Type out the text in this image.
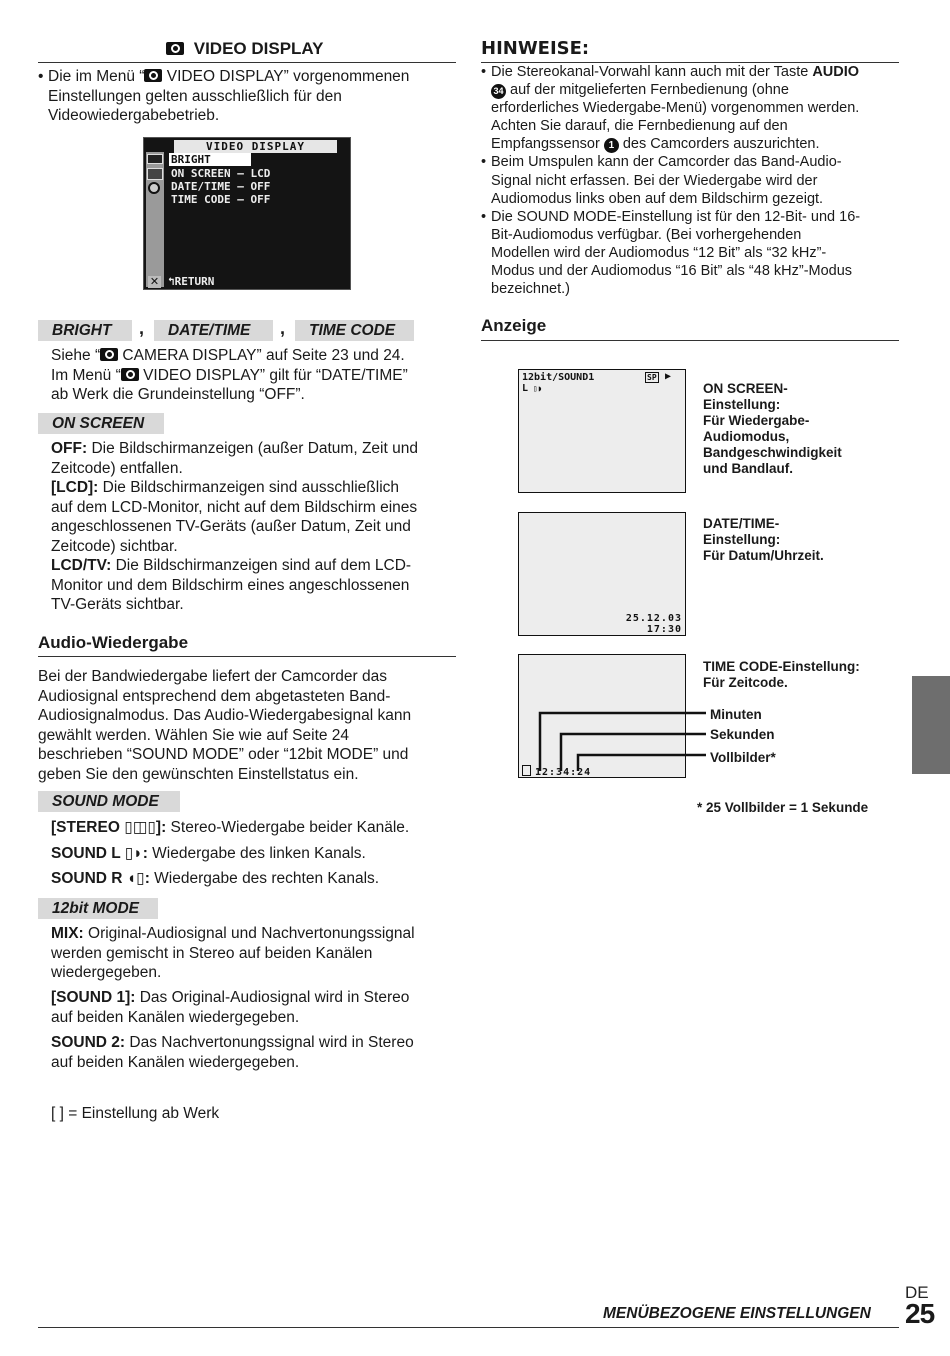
VIDEO DISPLAY
• Die im Menü “ VIDEO DISPLAY” vorgenommenen
Einstellungen gelten ausschließlich für den
Videowiedergabebetrieb.
✕
VIDEO DISPLAY
BRIGHT
ON SCREEN – LCD
DATE/TIME – OFF
TIME CODE – OFF
↰RETURN
BRIGHT	,	DATE/TIME	,	TIME CODE
Siehe “ CAMERA DISPLAY” auf Seite 23 und 24.
Im Menü “ VIDEO DISPLAY” gilt für “DATE/TIME”
ab Werk die Grundeinstellung “OFF”.
ON SCREEN
OFF: Die Bildschirmanzeigen (außer Datum, Zeit und
Zeitcode) entfallen.
[LCD]: Die Bildschirmanzeigen sind ausschließlich
auf dem LCD-Monitor, nicht auf dem Bildschirm eines
angeschlossenen TV-Geräts (außer Datum, Zeit und
Zeitcode) sichtbar.
LCD/TV: Die Bildschirmanzeigen sind auf dem LCD-
Monitor und dem Bildschirm eines angeschlossenen
TV-Geräts sichtbar.
Audio-Wiedergabe
Bei der Bandwiedergabe liefert der Camcorder das
Audiosignal entsprechend dem abgetasteten Band-
Audiosignalmodus. Das Audio-Wiedergabesignal kann
gewählt werden. Wählen Sie wie auf Seite 24
beschrieben “SOUND MODE” oder “12bit MODE” und
geben Sie den gewünschten Einstellstatus ein.
SOUND MODE
[STEREO ▯◫▯]: Stereo-Wiedergabe beider Kanäle.
SOUND L ▯◗: Wiedergabe des linken Kanals.
SOUND R ◖▯: Wiedergabe des rechten Kanals.
12bit MODE
MIX: Original-Audiosignal und Nachvertonungssignal
werden gemischt in Stereo auf beiden Kanälen
wiedergegeben.
[SOUND 1]: Das Original-Audiosignal wird in Stereo
auf beiden Kanälen wiedergegeben.
SOUND 2: Das Nachvertonungssignal wird in Stereo
auf beiden Kanälen wiedergegeben.
[ ] = Einstellung ab Werk
HINWEISE:
• Die Stereokanal-Vorwahl kann auch mit der Taste AUDIO
34 auf der mitgelieferten Fernbedienung (ohne
erforderliches Wiedergabe-Menü) vorgenommen werden.
Achten Sie darauf, die Fernbedienung auf den
Empfangssensor 1 des Camcorders auszurichten.
• Beim Umspulen kann der Camcorder das Band-Audio-
Signal nicht erfassen. Bei der Wiedergabe wird der
Audiomodus links oben auf dem Bildschirm gezeigt.
• Die SOUND MODE-Einstellung ist für den 12-Bit- und 16-
Bit-Audiomodus verfügbar. (Bei vorhergehenden
Modellen wird der Audiomodus “12 Bit” als “32 kHz”-
Modus und der Audiomodus “16 Bit” als “48 kHz”-Modus
bezeichnet.)
Anzeige
12bit/SOUND1
L ▯◗
SP ▶
ON SCREEN-
Einstellung:
Für Wiedergabe-
Audiomodus,
Bandgeschwindigkeit
und Bandlauf.
25.12.03
17:30
DATE/TIME-
Einstellung:
Für Datum/Uhrzeit.
12:34:24
TIME CODE-Einstellung:
Für Zeitcode.
Minuten
Sekunden
Vollbilder*
* 25 Vollbilder = 1 Sekunde
DE
MENÜBEZOGENE EINSTELLUNGEN 25
